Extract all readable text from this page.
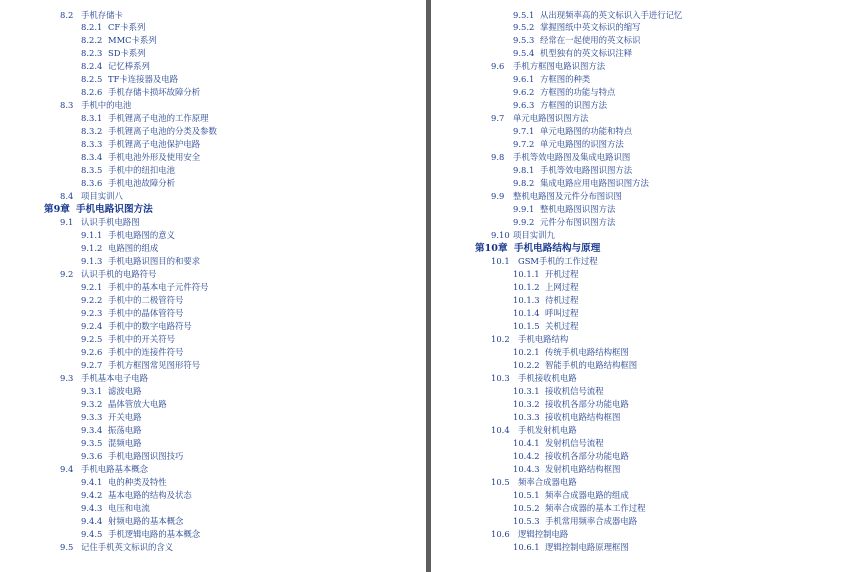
8.2 手机存储卡
8.2.1 CF卡系列
8.2.2 MMC卡系列
8.2.3 SD卡系列
8.2.4 记忆棒系列
8.2.5 TF卡连接器及电路
8.2.6 手机存储卡损坏故障分析
8.3 手机中的电池
8.3.1 手机锂离子电池的工作原理
8.3.2 手机锂离子电池的分类及参数
8.3.3 手机锂离子电池保护电路
8.3.4 手机电池外形及使用安全
8.3.5 手机中的纽扣电池
8.3.6 手机电池故障分析
8.4 项目实训八
第9章 手机电路识图方法
9.1 认识手机电路图
9.1.1 手机电路图的意义
9.1.2 电路图的组成
9.1.3 手机电路识图目的和要求
9.2 认识手机的电路符号
9.2.1 手机中的基本电子元件符号
9.2.2 手机中的二极管符号
9.2.3 手机中的晶体管符号
9.2.4 手机中的数字电路符号
9.2.5 手机中的开关符号
9.2.6 手机中的连接件符号
9.2.7 手机方框图常见图形符号
9.3 手机基本电子电路
9.3.1 滤波电路
9.3.2 晶体管放大电路
9.3.3 开关电路
9.3.4 振荡电路
9.3.5 混频电路
9.3.6 手机电路图识图技巧
9.4 手机电路基本概念
9.4.1 电的种类及特性
9.4.2 基本电路的结构及状态
9.4.3 电压和电流
9.4.4 射频电路的基本概念
9.4.5 手机逻辑电路的基本概念
9.5 记住手机英文标识的含义
9.5.1 从出现频率高的英文标识入手进行记忆
9.5.2 掌握图纸中英文标识的缩写
9.5.3 经常在一起使用的英文标识
9.5.4 机型独有的英文标识注释
9.6 手机方框图电路识图方法
9.6.1 方框图的种类
9.6.2 方框图的功能与特点
9.6.3 方框图的识图方法
9.7 单元电路图识图方法
9.7.1 单元电路图的功能和特点
9.7.2 单元电路图的识图方法
9.8 手机等效电路图及集成电路识图
9.8.1 手机等效电路图识图方法
9.8.2 集成电路应用电路图识图方法
9.9 整机电路图及元件分布图识图
9.9.1 整机电路图识图方法
9.9.2 元件分布图识图方法
9.10 项目实训九
第10章 手机电路结构与原理
10.1 GSM手机的工作过程
10.1.1 开机过程
10.1.2 上网过程
10.1.3 待机过程
10.1.4 呼叫过程
10.1.5 关机过程
10.2 手机电路结构
10.2.1 传统手机电路结构框图
10.2.2 智能手机的电路结构框图
10.3 手机接收机电路
10.3.1 接收机信号流程
10.3.2 接收机各部分功能电路
10.3.3 接收机电路结构框图
10.4 手机发射机电路
10.4.1 发射机信号流程
10.4.2 接收机各部分功能电路
10.4.3 发射机电路结构框图
10.5 频率合成器电路
10.5.1 频率合成器电路的组成
10.5.2 频率合成器的基本工作过程
10.5.3 手机常用频率合成器电路
10.6 逻辑控制电路
10.6.1 逻辑控制电路原理框图
